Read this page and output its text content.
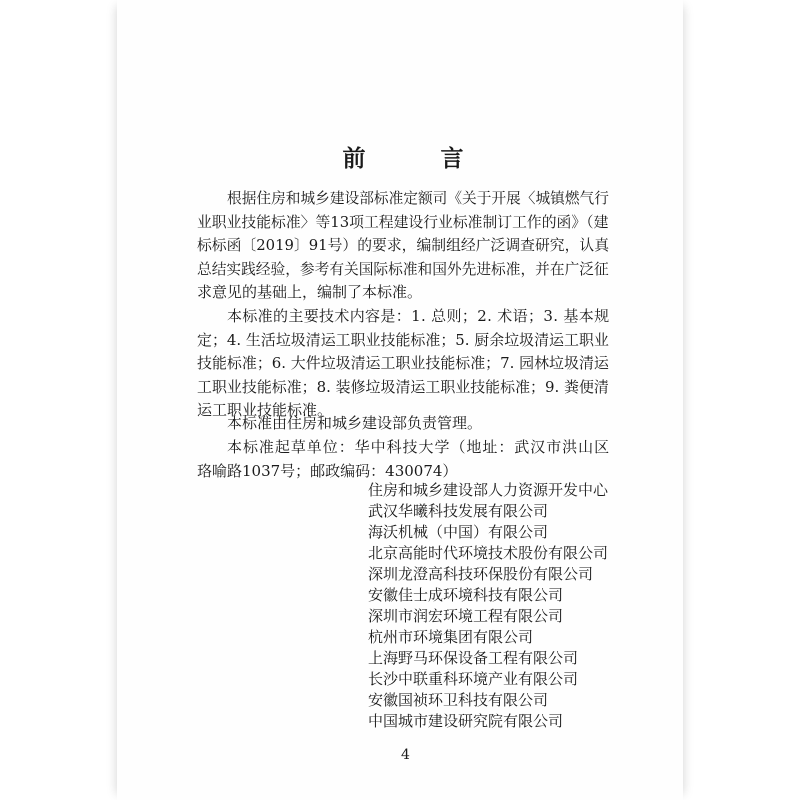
前　言
根据住房和城乡建设部标准定额司《关于开展〈城镇燃气行
业职业技能标准〉等13项工程建设行业标准制订工作的函》（建
标标函〔2019〕91号）的要求，编制组经广泛调查研究，认真
总结实践经验，参考有关国际标准和国外先进标准，并在广泛征
求意见的基础上，编制了本标准。
本标准的主要技术内容是：1. 总则；2. 术语；3. 基本规
定；4. 生活垃圾清运工职业技能标准；5. 厨余垃圾清运工职业
技能标准；6. 大件垃圾清运工职业技能标准；7. 园林垃圾清运
工职业技能标准；8. 装修垃圾清运工职业技能标准；9. 粪便清
运工职业技能标准。
本标准由住房和城乡建设部负责管理。
本标准起草单位：华中科技大学（地址：武汉市洪山区
珞喻路1037号；邮政编码：430074）
4
住房和城乡建设部人力资源开发中心
武汉华曦科技发展有限公司
海沃机械（中国）有限公司
北京高能时代环境技术股份有限公司
深圳龙澄高科技环保股份有限公司
安徽佳士成环境科技有限公司
深圳市润宏环境工程有限公司
杭州市环境集团有限公司
上海野马环保设备工程有限公司
长沙中联重科环境产业有限公司
安徽国祯环卫科技有限公司
中国城市建设研究院有限公司
